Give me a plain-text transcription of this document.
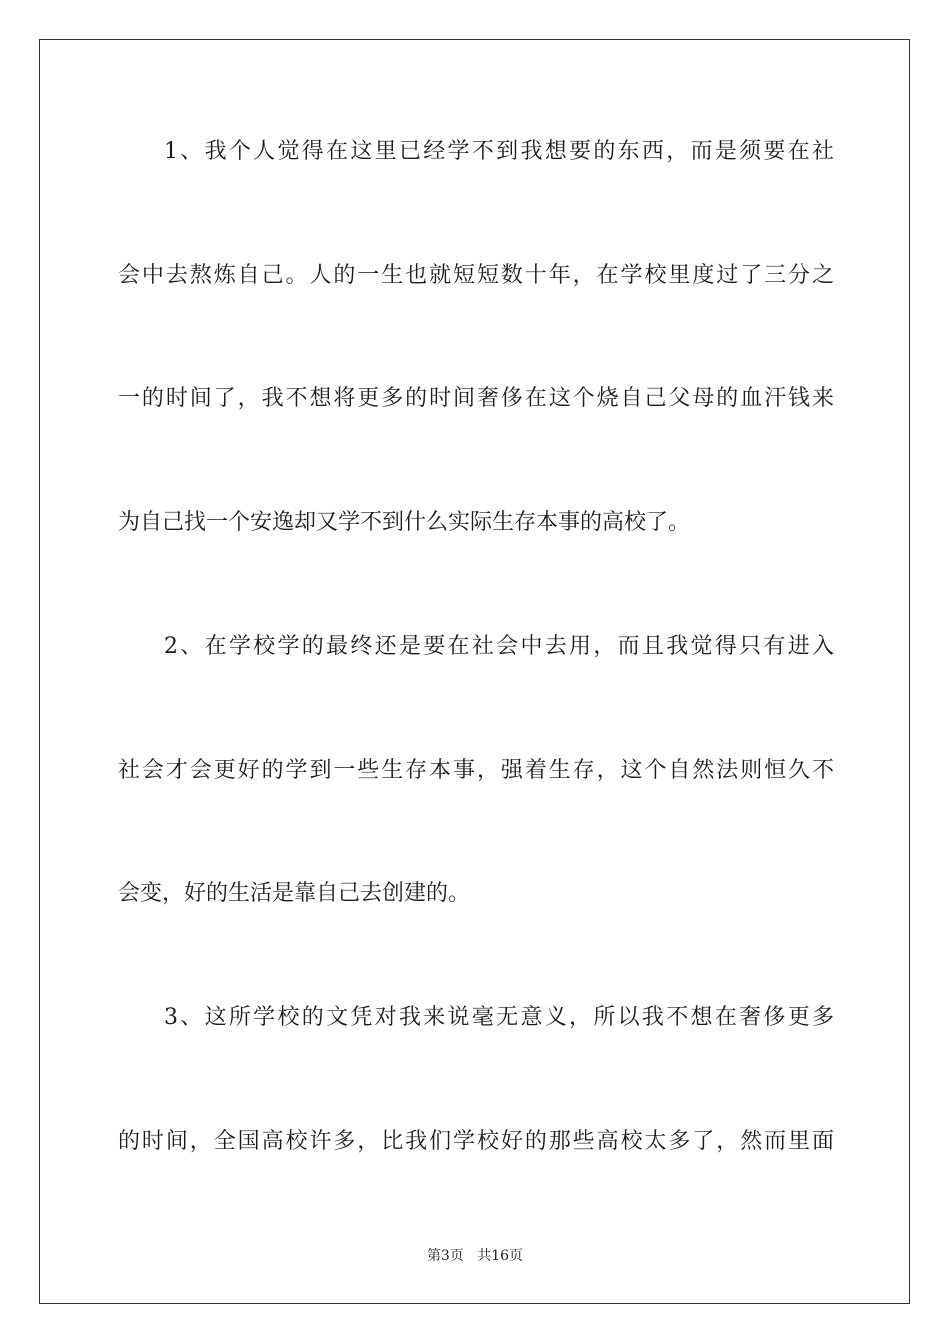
1、我个人觉得在这里已经学不到我想要的东西，而是须要在社
会中去熬炼自己。人的一生也就短短数十年，在学校里度过了三分之
一的时间了，我不想将更多的时间奢侈在这个烧自己父母的血汗钱来
为自己找一个安逸却又学不到什么实际生存本事的高校了。
2、在学校学的最终还是要在社会中去用，而且我觉得只有进入
社会才会更好的学到一些生存本事，强着生存，这个自然法则恒久不
会变，好的生活是靠自己去创建的。
3、这所学校的文凭对我来说毫无意义，所以我不想在奢侈更多
的时间，全国高校许多，比我们学校好的那些高校太多了，然而里面
第3页 共16页
